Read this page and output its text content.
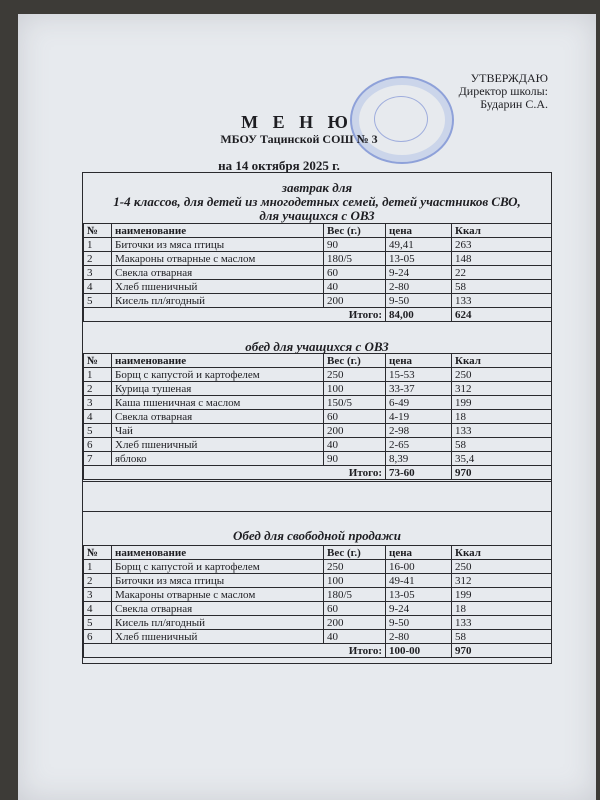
УТВЕРЖДАЮ
Директор школы:
Бударин С.А.
М Е Н Ю
МБОУ Тацинской СОШ № 3
на 14 октября 2025 г.
завтрак для
1-4 классов, для детей из многодетных семей, детей участников СВО,
для учащихся с ОВЗ
№	наименование	Вес (г.)	цена	Ккал
1	Биточки из мяса птицы	90	49,41	263
2	Макароны отварные с маслом	180/5	13-05	148
3	Свекла отварная	60	9-24	22
4	Хлеб пшеничный	40	2-80	58
5	Кисель пл/ягодный	200	9-50	133
Итого:			84,00	624
обед для учащихся с ОВЗ
№	наименование	Вес (г.)	цена	Ккал
1	Борщ с капустой и картофелем	250	15-53	250
2	Курица тушеная	100	33-37	312
3	Каша пшеничная с маслом	150/5	6-49	199
4	Свекла отварная	60	4-19	18
5	Чай	200	2-98	133
6	Хлеб пшеничный	40	2-65	58
7	яблоко	90	8,39	35,4
Итого:			73-60	970
Обед для свободной продажи
№	наименование	Вес (г.)	цена	Ккал
1	Борщ с капустой и картофелем	250	16-00	250
2	Биточки из мяса птицы	100	49-41	312
3	Макароны отварные с маслом	180/5	13-05	199
4	Свекла отварная	60	9-24	18
5	Кисель пл/ягодный	200	9-50	133
6	Хлеб пшеничный	40	2-80	58
Итого:			100-00	970
